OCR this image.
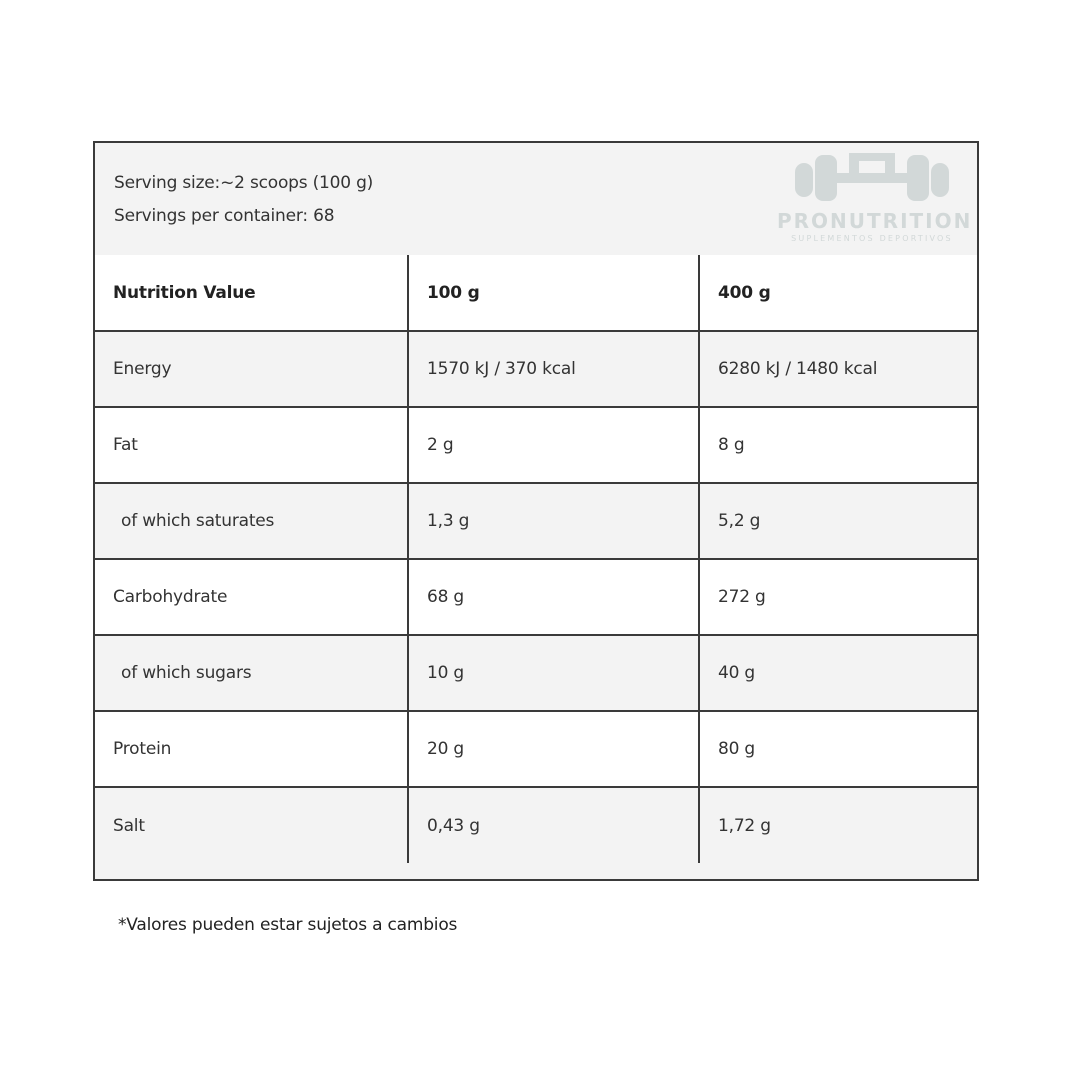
Serving size:~2 scoops (100 g)
Servings per container: 68	PRONUTRITION
SUPLEMENTOS DEPORTIVOS
Nutrition Value	100 g	400 g
Energy	1570 kJ / 370 kcal	6280 kJ / 1480 kcal
Fat	2 g	8 g
of which saturates	1,3 g	5,2 g
Carbohydrate	68 g	272 g
of which sugars	10 g	40 g
Protein	20 g	80 g
Salt	0,43 g	1,72 g
*Valores pueden estar sujetos a cambios
